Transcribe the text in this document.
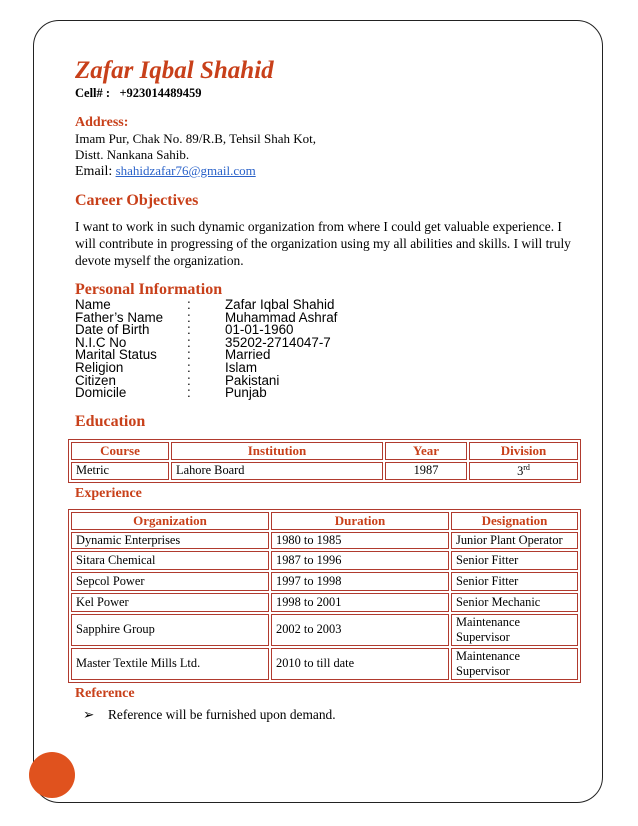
Zafar Iqbal Shahid
Cell# : +923014489459
Address:
Imam Pur, Chak No. 89/R.B, Tehsil Shah Kot,
Distt. Nankana Sahib.
Email: shahidzafar76@gmail.com
Career Objectives
I want to work in such dynamic organization from where I could get valuable experience. I will contribute in progressing of the organization using my all abilities and skills. I will truly devote myself the organization.
Personal Information
Name	:	Zafar Iqbal Shahid
Father’s Name	:	Muhammad Ashraf
Date of Birth	:	01-01-1960
N.I.C No	:	35202-2714047-7
Marital Status	:	Married
Religion	:	Islam
Citizen	:	Pakistani
Domicile	:	Punjab
Education
Course	Institution	Year	Division
Metric	Lahore Board	1987	3rd
Experience
Organization	Duration	Designation
Dynamic Enterprises	1980 to 1985	Junior Plant Operator
Sitara Chemical	1987 to 1996	Senior Fitter
Sepcol Power	1997 to 1998	Senior Fitter
Kel Power	1998 to 2001	Senior Mechanic
Sapphire Group	2002 to 2003	Maintenance Supervisor
Master Textile Mills Ltd.	2010 to till date	Maintenance Supervisor
Reference
➢ Reference will be furnished upon demand.
